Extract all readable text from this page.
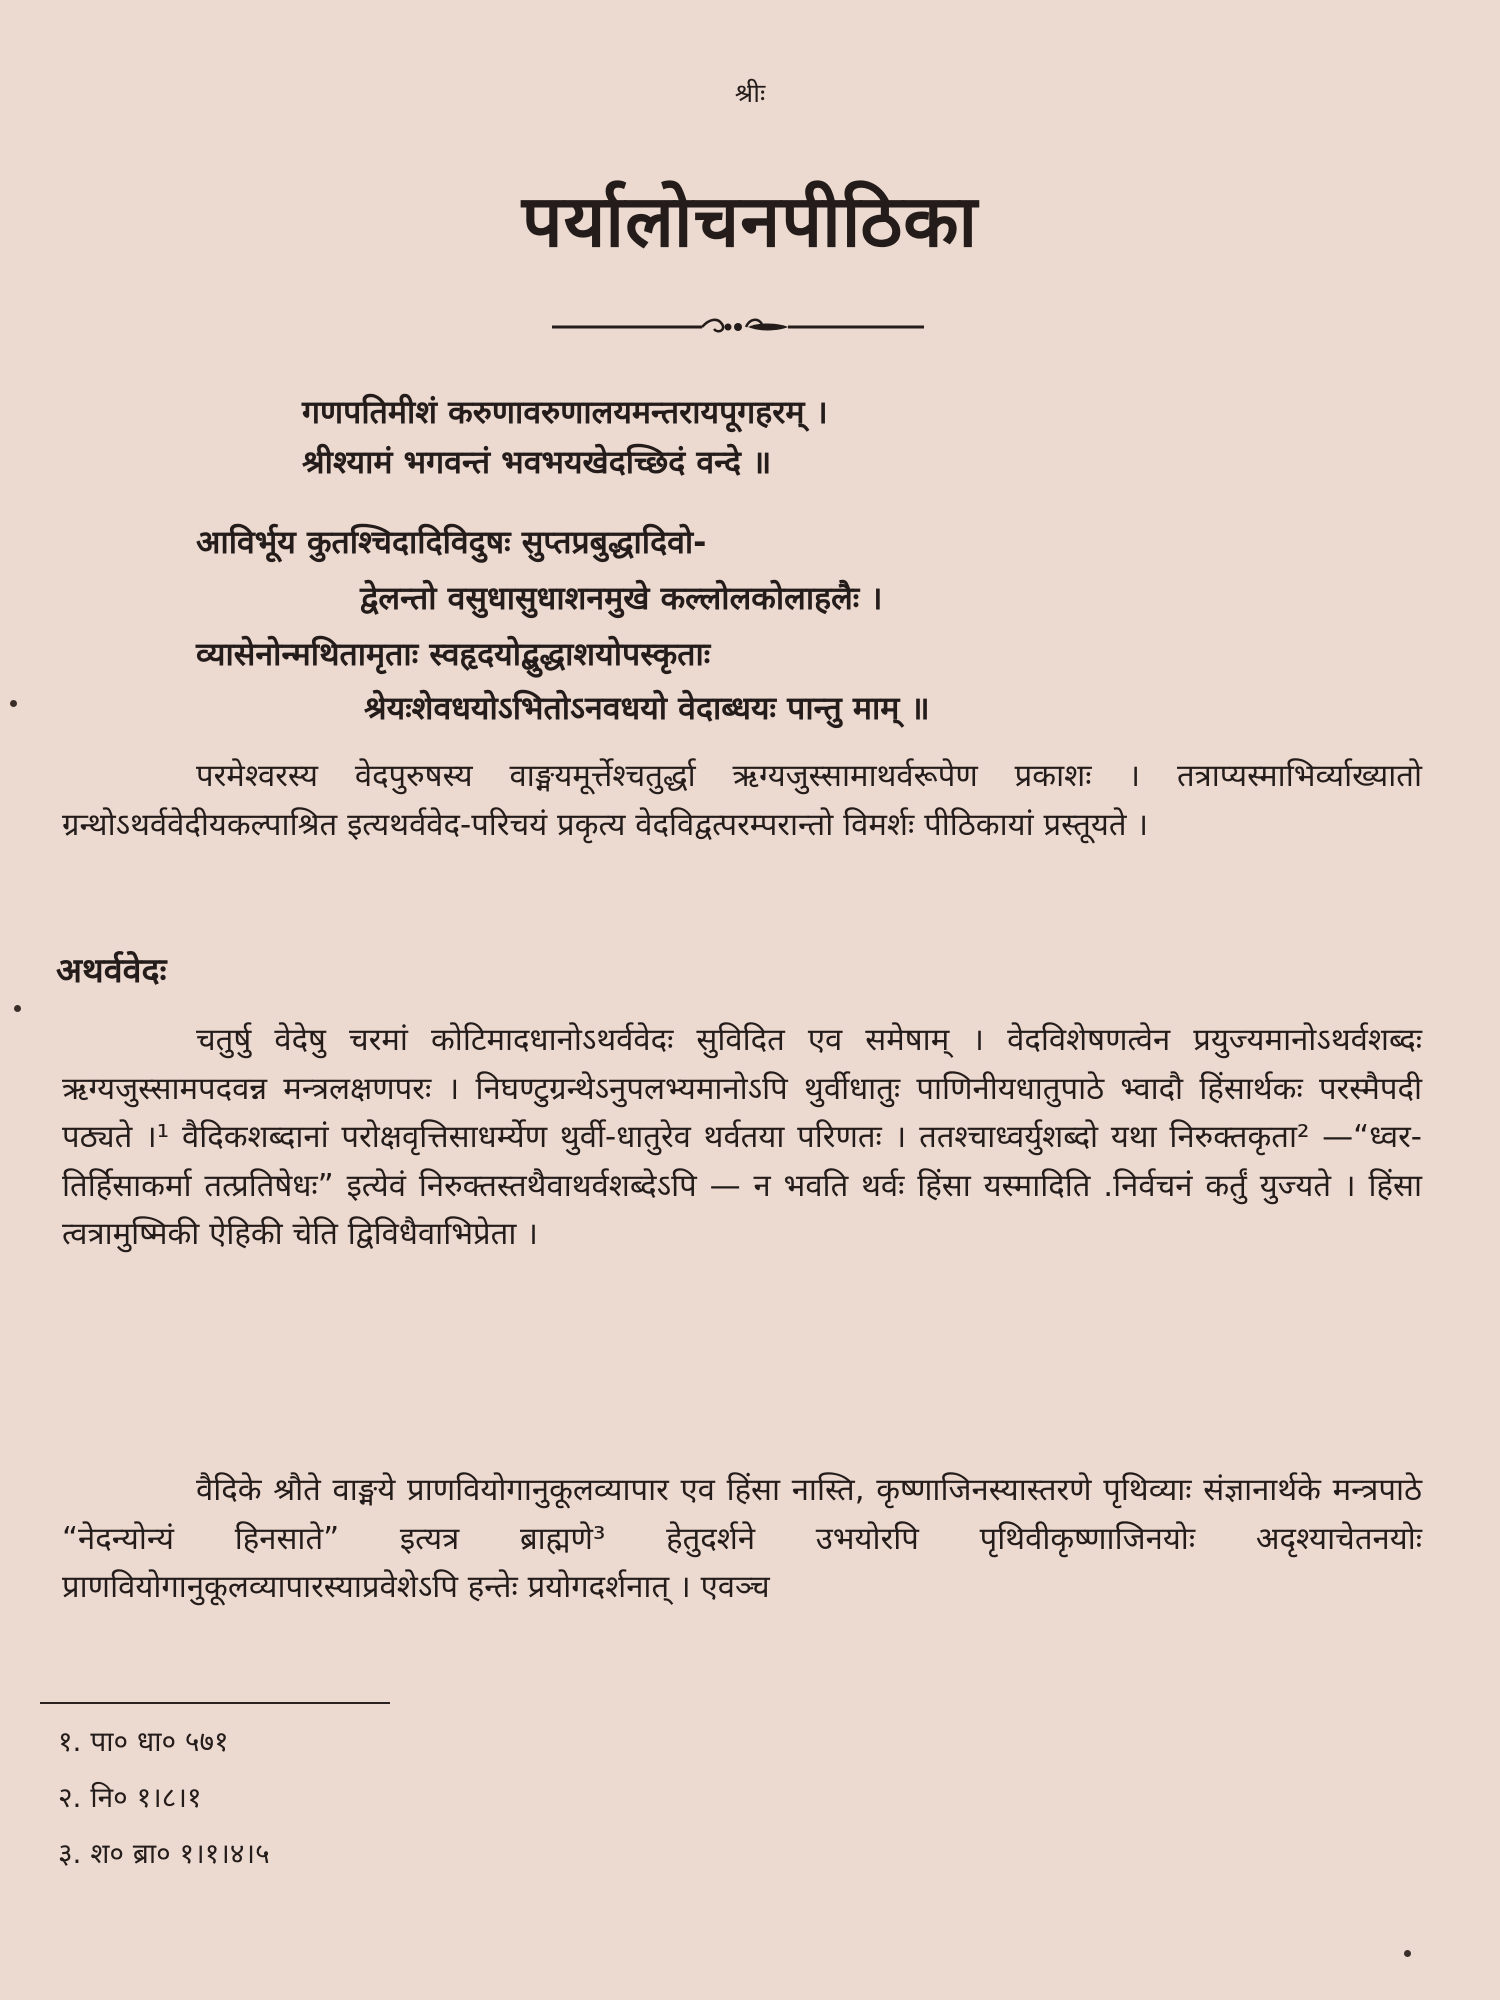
श्रीः
पर्यालोचनपीठिका
गणपतिमीशं करुणावरुणालयमन्तरायपूगहरम् ।
श्रीश्यामं भगवन्तं भवभयखेदच्छिदं वन्दे ॥
आविर्भूय कुतश्चिदादिविदुषः सुप्तप्रबुद्धादिवो-
द्वेलन्तो वसुधासुधाशनमुखे कल्लोलकोलाहलैः ।
व्यासेनोन्मथितामृताः स्वहृदयोद्बुद्धाशयोपस्कृताः
श्रेयःशेवधयोऽभितोऽनवधयो वेदाब्धयः पान्तु माम् ॥
परमेश्वरस्य वेदपुरुषस्य वाङ्मयमूर्त्तेश्चतुर्द्धा ऋग्यजुस्सामाथर्वरूपेण प्रकाशः । तत्राप्यस्माभिर्व्याख्यातो ग्रन्थोऽथर्ववेदीयकल्पाश्रित इत्यथर्ववेद-परिचयं प्रकृत्य वेदविद्वत्परम्परान्तो विमर्शः पीठिकायां प्रस्तूयते ।
अथर्ववेदः
चतुर्षु वेदेषु चरमां कोटिमादधानोऽथर्ववेदः सुविदित एव समेषाम् । वेदविशेषणत्वेन प्रयुज्यमानोऽथर्वशब्दः ऋग्यजुस्सामपदवन्न मन्त्रलक्षणपरः । निघण्टुग्रन्थेऽनुपलभ्यमानोऽपि थुर्वीधातुः पाणिनीयधातुपाठे भ्वादौ हिंसार्थकः परस्मैपदी पठ्यते ।¹ वैदिकशब्दानां परोक्षवृत्तिसाधर्म्येण थुर्वी-धातुरेव थर्वतया परिणतः । ततश्चाध्वर्युशब्दो यथा निरुक्तकृता² —“ध्वर-तिर्हिसाकर्मा तत्प्रतिषेधः” इत्येवं निरुक्तस्तथैवाथर्वशब्देऽपि — न भवति थर्वः हिंसा यस्मादिति .निर्वचनं कर्तुं युज्यते । हिंसा त्वत्रामुष्मिकी ऐहिकी चेति द्विविधैवाभिप्रेता ।
वैदिके श्रौते वाङ्मये प्राणवियोगानुकूलव्यापार एव हिंसा नास्ति, कृष्णाजिनस्यास्तरणे पृथिव्याः संज्ञानार्थके मन्त्रपाठे “नेदन्योन्यं हिनसाते” इत्यत्र ब्राह्मणे³ हेतुदर्शने उभयोरपि पृथिवीकृष्णाजिनयोः अदृश्याचेतनयोः प्राणवियोगानुकूलव्यापारस्याप्रवेशेऽपि हन्तेः प्रयोगदर्शनात् । एवञ्च
१. पा० धा० ५७१
२. नि० १।८।१
३. श० ब्रा० १।१।४।५
